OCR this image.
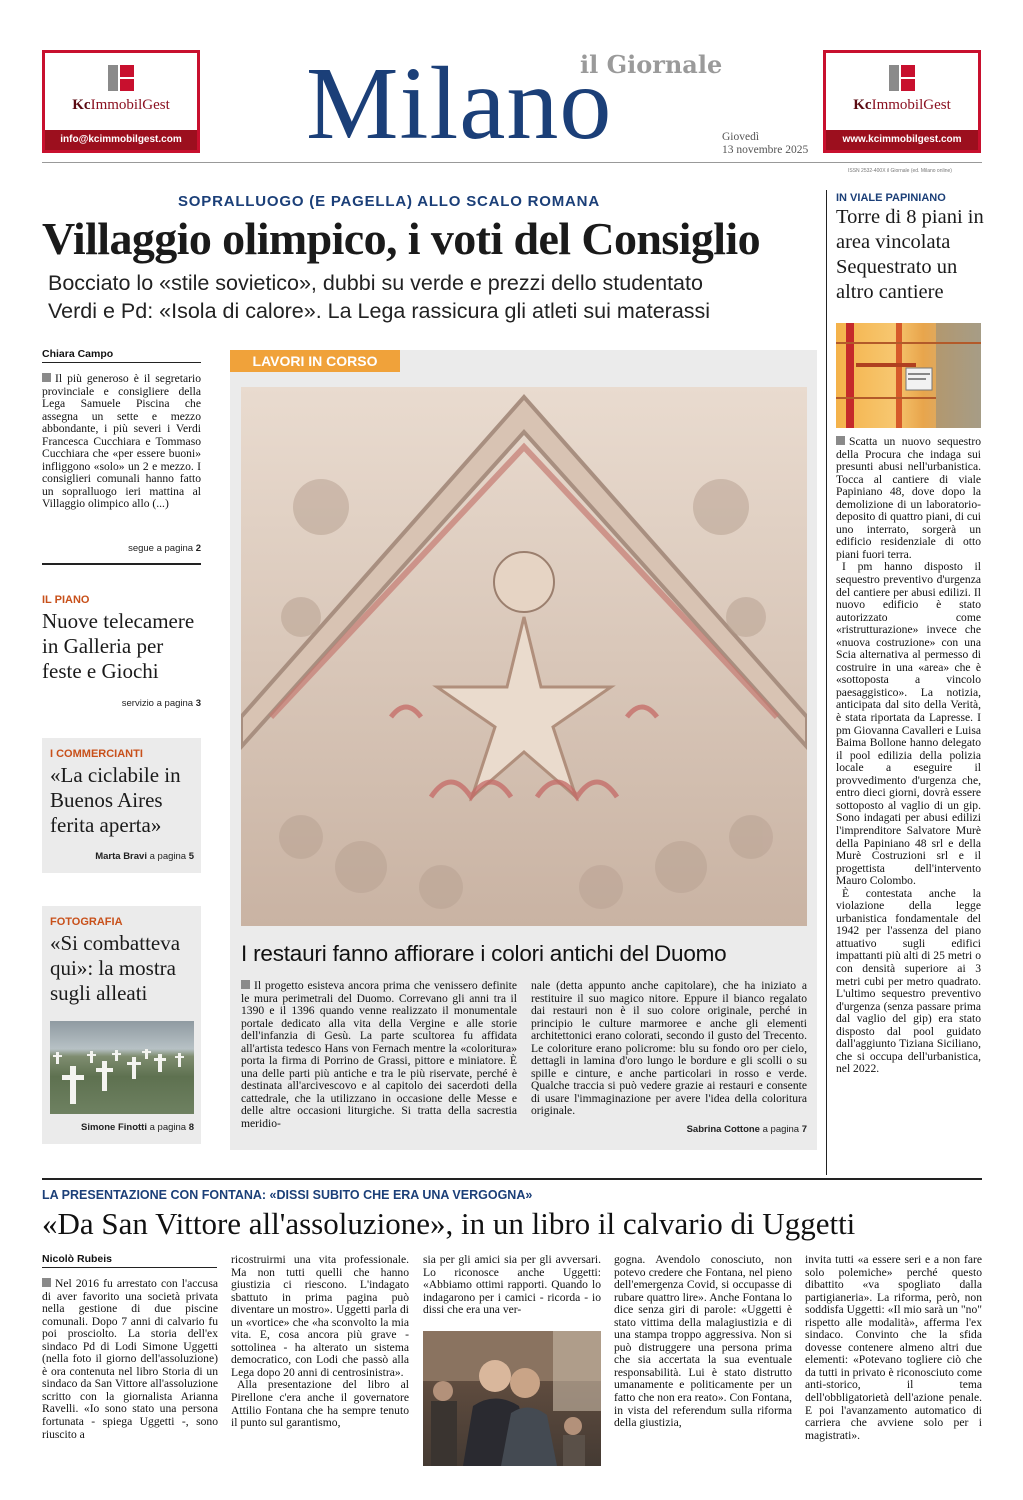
KcImmobilGest
info@kcimmobilgest.com
KcImmobilGest
www.kcimmobilgest.com
il Giornale
Milano	Giovedì
13 novembre 2025
ISSN 2532-400X il Giornale (ed. Milano online)
SOPRALLUOGO (E PAGELLA) ALLO SCALO ROMANA
Villaggio olimpico, i voti del Consiglio
Bocciato lo «stile sovietico», dubbi su verde e prezzi dello studentato
Verdi e Pd: «Isola di calore». La Lega rassicura gli atleti sui materassi
Chiara Campo

Il più generoso è il segretario provinciale e consigliere della Lega Samuele Piscina che assegna un sette e mezzo abbondante, i più severi i Verdi Francesca Cucchiara e Tommaso Cucchiara che «per essere buoni» infliggono «solo» un 2 e mezzo. I consiglieri comunali hanno fatto un sopralluogo ieri mattina al Villaggio olimpico allo (...)

segue a pagina 2
IL PIANO
Nuove telecamere in Galleria per feste e Giochi
servizio a pagina 3
I COMMERCIANTI
«La ciclabile in Buenos Aires ferita aperta»
Marta Bravi a pagina 5
FOTOGRAFIA
«Si combatteva qui»: la mostra sugli alleati
Simone Finotti a pagina 8
LAVORI IN CORSO
I restauri fanno affiorare i colori antichi del Duomo

Il progetto esisteva ancora prima che venissero definite le mura perimetrali del Duomo. Correvano gli anni tra il 1390 e il 1396 quando venne realizzato il monumentale portale dedicato alla vita della Vergine e alle storie dell'infanzia di Gesù. La parte scultorea fu affidata all'artista tedesco Hans von Fernach mentre la «coloritura» porta la firma di Porrino de Grassi, pittore e miniatore. È una delle parti più antiche e tra le più riservate, perché è destinata all'arcivescovo e al capitolo dei sacerdoti della cattedrale, che la utilizzano in occasione delle Messe e delle altre occasioni liturgiche. Si tratta della sacrestia meridio-

nale (detta appunto anche capitolare), che ha iniziato a restituire il suo magico nitore. Eppure il bianco regalato dai restauri non è il suo colore originale, perché in principio le culture marmoree e anche gli elementi architettonici erano colorati, secondo il gusto del Trecento. Le coloriture erano policrome: blu su fondo oro per cielo, dettagli in lamina d'oro lungo le bordure e gli scolli o su spille e cinture, e anche particolari in rosso e verde. Qualche traccia si può vedere grazie ai restauri e consente di usare l'immaginazione per avere l'idea della coloritura originale.

Sabrina Cottone a pagina 7
IN VIALE PAPINIANO
Torre di 8 piani in area vincolata Sequestrato un altro cantiere

Scatta un nuovo sequestro della Procura che indaga sui presunti abusi nell'urbanistica. Tocca al cantiere di viale Papiniano 48, dove dopo la demolizione di un laboratorio-deposito di quattro piani, di cui uno interrato, sorgerà un edificio residenziale di otto piani fuori terra.

I pm hanno disposto il sequestro preventivo d'urgenza del cantiere per abusi edilizi. Il nuovo edificio è stato autorizzato come «ristrutturazione» invece che «nuova costruzione» con una Scia alternativa al permesso di costruire in una «area» che è «sottoposta a vincolo paesaggistico». La notizia, anticipata dal sito della Verità, è stata riportata da Lapresse. I pm Giovanna Cavalleri e Luisa Baima Bollone hanno delegato il pool edilizia della polizia locale a eseguire il provvedimento d'urgenza che, entro dieci giorni, dovrà essere sottoposto al vaglio di un gip. Sono indagati per abusi edilizi l'imprenditore Salvatore Murè della Papiniano 48 srl e della Murè Costruzioni srl e il progettista dell'intervento Mauro Colombo.

È contestata anche la violazione della legge urbanistica fondamentale del 1942 per l'assenza del piano attuativo sugli edifici impattanti più alti di 25 metri o con densità superiore ai 3 metri cubi per metro quadrato. L'ultimo sequestro preventivo d'urgenza (senza passare prima dal vaglio del gip) era stato disposto dal pool guidato dall'aggiunto Tiziana Siciliano, che si occupa dell'urbanistica, nel 2022.

LA PRESENTAZIONE CON FONTANA: «DISSI SUBITO CHE ERA UNA VERGOGNA»
«Da San Vittore all'assoluzione», in un libro il calvario di Uggetti
Nicolò Rubeis

Nel 2016 fu arrestato con l'accusa di aver favorito una società privata nella gestione di due piscine comunali. Dopo 7 anni di calvario fu poi prosciolto. La storia dell'ex sindaco Pd di Lodi Simone Uggetti (nella foto il giorno dell'assoluzione) è ora contenuta nel libro Storia di un sindaco da San Vittore all'assoluzione scritto con la giornalista Arianna Ravelli. «Io sono stato una persona fortunata - spiega Uggetti -, sono riuscito a

ricostruirmi una vita professionale. Ma non tutti quelli che hanno giustizia ci riescono. L'indagato sbattuto in prima pagina può diventare un mostro». Uggetti parla di un «vortice» che «ha sconvolto la mia vita. E, cosa ancora più grave - sottolinea - ha alterato un sistema democratico, con Lodi che passò alla Lega dopo 20 anni di centrosinistra».

Alla presentazione del libro al Pirellone c'era anche il governatore Attilio Fontana che ha sempre tenuto il punto sul garantismo,

sia per gli amici sia per gli avversari. Lo riconosce anche Uggetti: «Abbiamo ottimi rapporti. Quando lo indagarono per i camici - ricorda - io dissi che era una ver-

gogna. Avendolo conosciuto, non potevo credere che Fontana, nel pieno dell'emergenza Covid, si occupasse di rubare quattro lire». Anche Fontana lo dice senza giri di parole: «Uggetti è stato vittima della malagiustizia e di una stampa troppo aggressiva. Non si può distruggere una persona prima che sia accertata la sua eventuale responsabilità. Lui è stato distrutto umanamente e politicamente per un fatto che non era reato». Con Fontana, in vista del referendum sulla riforma della giustizia,

invita tutti «a essere seri e a non fare solo polemiche» perché questo dibattito «va spogliato dalla partigianeria». La riforma, però, non soddisfa Uggetti: «Il mio sarà un "no" rispetto alle modalità», afferma l'ex sindaco. Convinto che la sfida dovesse contenere almeno altri due elementi: «Potevano togliere ciò che da tutti in privato è riconosciuto come anti-storico, il tema dell'obbligatorietà dell'azione penale. E poi l'avanzamento automatico di carriera che avviene solo per i magistrati».
